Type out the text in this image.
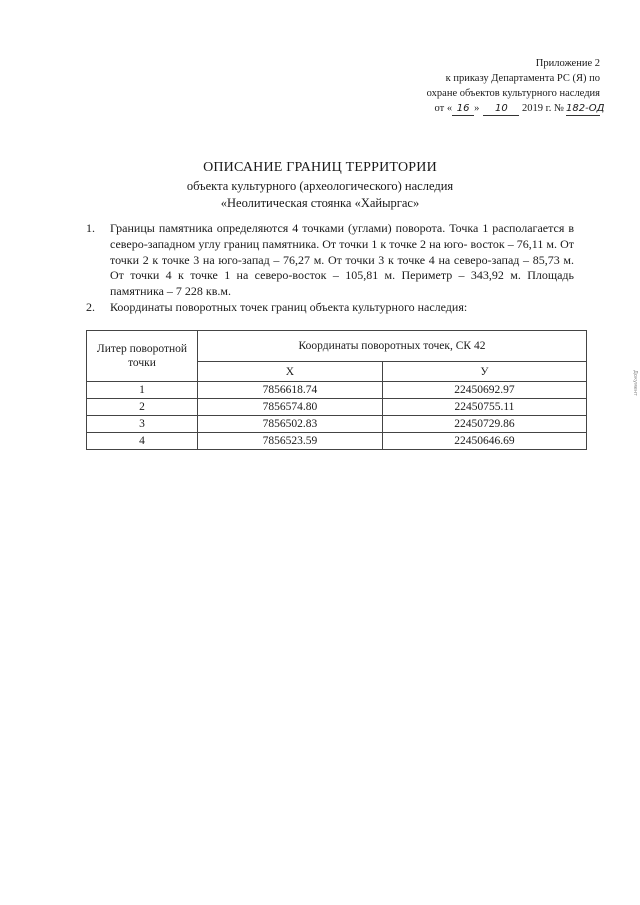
Приложение 2
к приказу Департамента РС (Я) по
охране объектов культурного наследия
от « 16 » 10 2019 г. № 182-ОД
ОПИСАНИЕ ГРАНИЦ ТЕРРИТОРИИ
объекта культурного (археологического) наследия
«Неолитическая стоянка «Хайыргас»
1. Границы памятника определяются 4 точками (углами) поворота. Точка 1 располагается в северо-западном углу границ памятника. От точки 1 к точке 2 на юго- восток – 76,11 м. От точки 2 к точке 3 на юго-запад – 76,27 м. От точки 3 к точке 4 на северо-запад – 85,73 м. От точки 4 к точке 1 на северо-восток – 105,81 м. Периметр – 343,92 м. Площадь памятника – 7 228 кв.м.
2. Координаты поворотных точек границ объекта культурного наследия:
Литер поворотной точки	Координаты поворотных точек, СК 42	
	Х	У
1	7856618.74	22450692.97
2	7856574.80	22450755.11
3	7856502.83	22450729.86
4	7856523.59	22450646.69
Документ
